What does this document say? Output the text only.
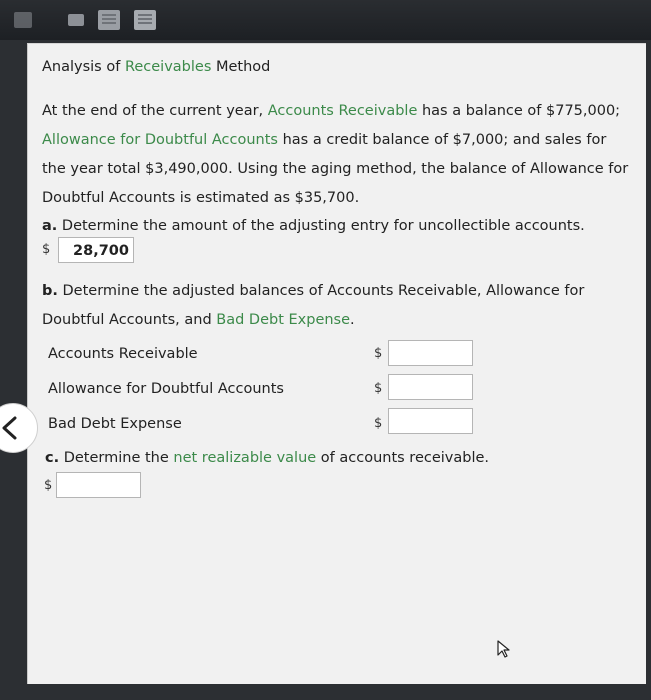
Analysis of Receivables Method
At the end of the current year, Accounts Receivable has a balance of $775,000;
Allowance for Doubtful Accounts has a credit balance of $7,000; and sales for
the year total $3,490,000. Using the aging method, the balance of Allowance for
Doubtful Accounts is estimated as $35,700.
a. Determine the amount of the adjusting entry for uncollectible accounts.
$	28,700
b. Determine the adjusted balances of Accounts Receivable, Allowance for
Doubtful Accounts, and Bad Debt Expense.
Accounts Receivable	$
Allowance for Doubtful Accounts	$
Bad Debt Expense	$
c. Determine the net realizable value of accounts receivable.
$
